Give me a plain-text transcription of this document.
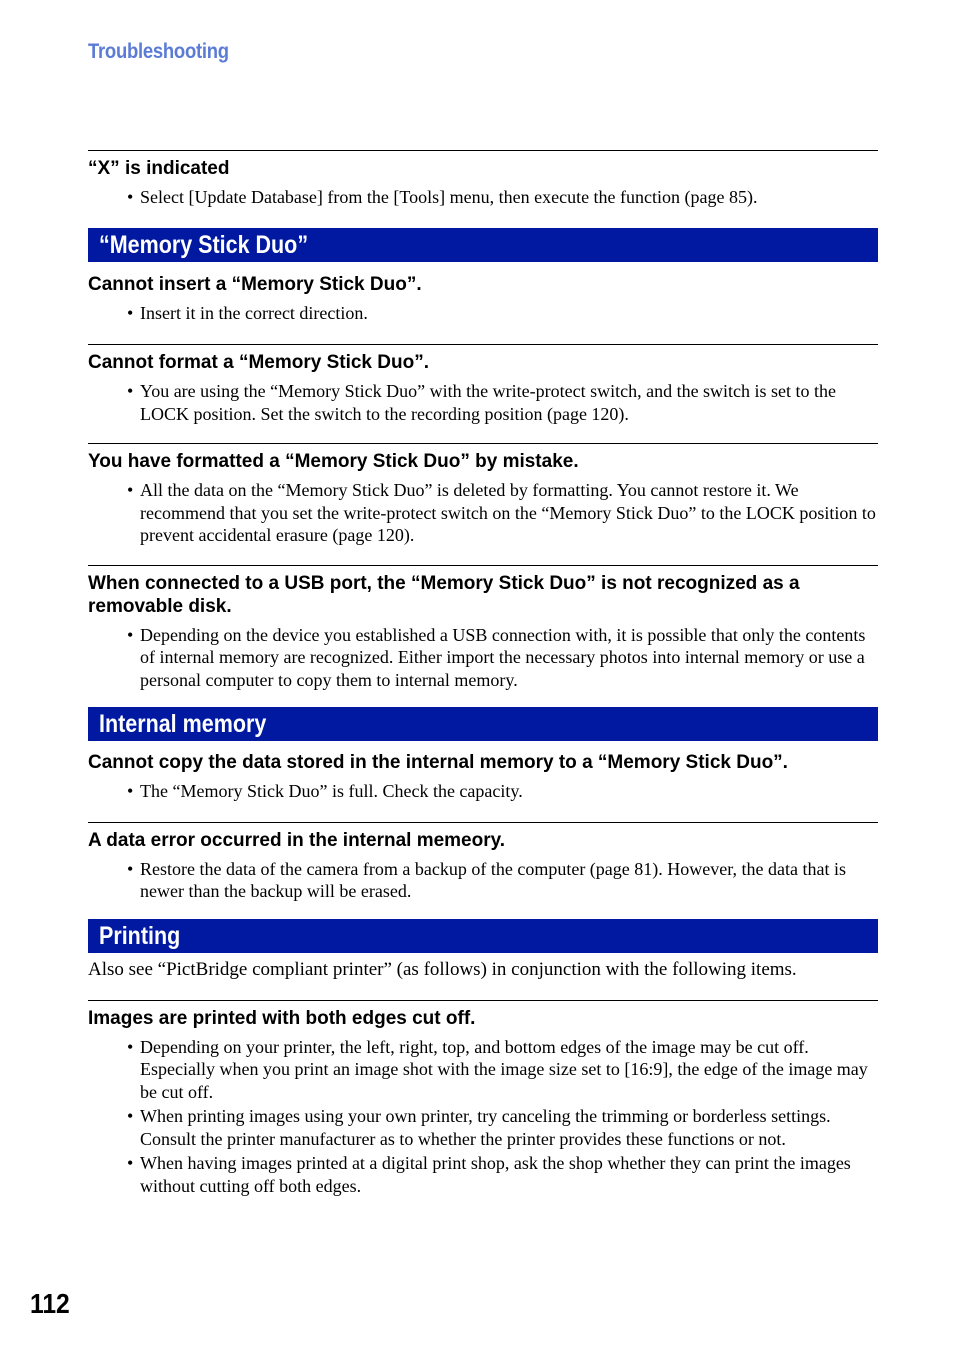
Troubleshooting
“X” is indicated
• Select [Update Database] from the [Tools] menu, then execute the function (page 85).
“Memory Stick Duo”
Cannot insert a “Memory Stick Duo”.
• Insert it in the correct direction.
Cannot format a “Memory Stick Duo”.
• You are using the “Memory Stick Duo” with the write-protect switch, and the switch is set to the LOCK position. Set the switch to the recording position (page 120).
You have formatted a “Memory Stick Duo” by mistake.
• All the data on the “Memory Stick Duo” is deleted by formatting. You cannot restore it. We recommend that you set the write-protect switch on the “Memory Stick Duo” to the LOCK position to prevent accidental erasure (page 120).
When connected to a USB port, the “Memory Stick Duo” is not recognized as a removable disk.
• Depending on the device you established a USB connection with, it is possible that only the contents of internal memory are recognized. Either import the necessary photos into internal memory or use a personal computer to copy them to internal memory.
Internal memory
Cannot copy the data stored in the internal memory to a “Memory Stick Duo”.
• The “Memory Stick Duo” is full. Check the capacity.
A data error occurred in the internal memeory.
• Restore the data of the camera from a backup of the computer (page 81). However, the data that is newer than the backup will be erased.
Printing

Also see “PictBridge compliant printer” (as follows) in conjunction with the following items.

Images are printed with both edges cut off.
• Depending on your printer, the left, right, top, and bottom edges of the image may be cut off. Especially when you print an image shot with the image size set to [16:9], the edge of the image may be cut off.
• When printing images using your own printer, try canceling the trimming or borderless settings. Consult the printer manufacturer as to whether the printer provides these functions or not.
• When having images printed at a digital print shop, ask the shop whether they can print the images without cutting off both edges.
112
